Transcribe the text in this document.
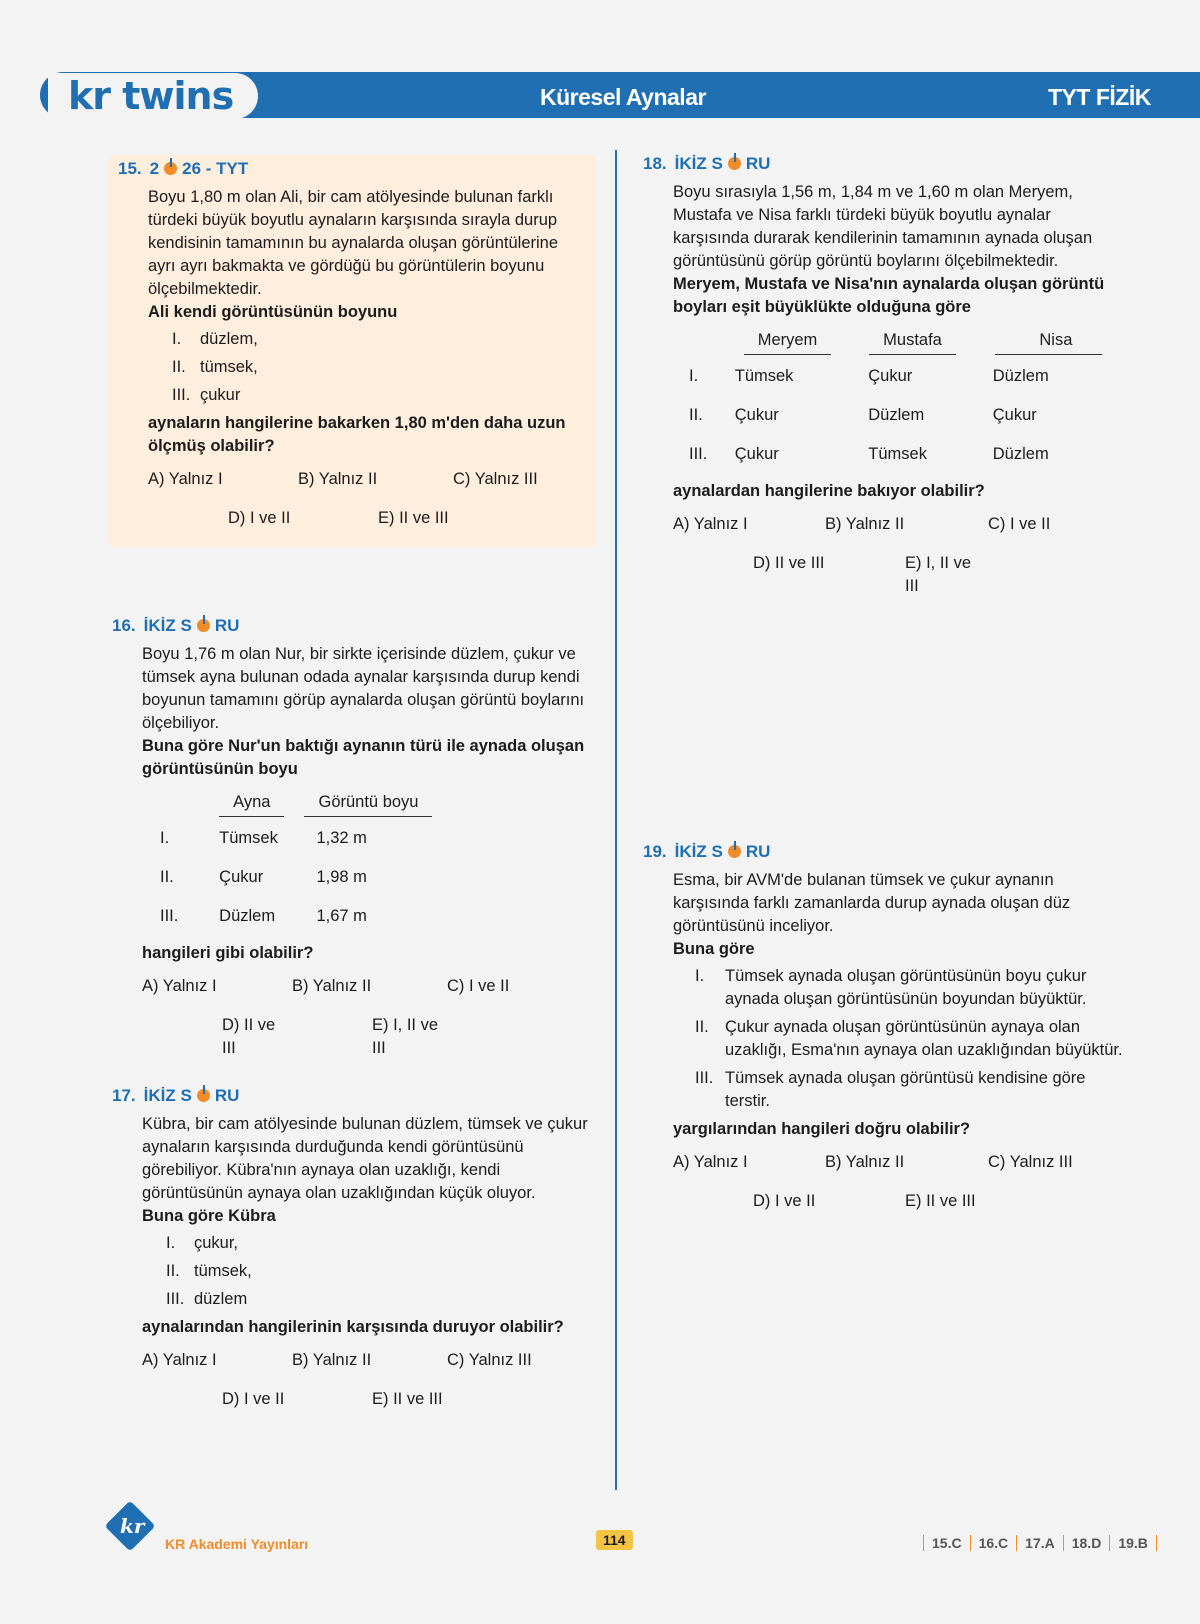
kr twins	Küresel Aynalar	TYT FİZİK
15. 2 26 - TYT

Boyu 1,80 m olan Ali, bir cam atölyesinde bulunan farklı türdeki büyük boyutlu aynaların karşısında sırayla durup kendisinin tamamının bu aynalarda oluşan görüntülerine ayrı ayrı bakmakta ve gördüğü bu görüntülerin boyunu ölçebilmektedir.

Ali kendi görüntüsünün boyunu

I.	düzlem,
II. tümsek,
III. çukur

aynaların hangilerine bakarken 1,80 m'den daha uzun ölçmüş olabilir?

A) Yalnız I	B) Yalnız II	C) Yalnız III
D) I ve II	E) II ve III
16. İKİZ S RU

Boyu 1,76 m olan Nur, bir sirkte içerisinde düzlem, çukur ve tümsek ayna bulunan odada aynalar karşısında durup kendi boyunun tamamını görüp aynalarda oluşan görüntü boylarını ölçebiliyor.

Buna göre Nur'un baktığı aynanın türü ile aynada oluşan görüntüsünün boyu

	Ayna	Görüntü boyu
I.	Tümsek	1,32 m
II.	Çukur	1,98 m
III.	Düzlem	1,67 m

hangileri gibi olabilir?

A) Yalnız I	B) Yalnız II	C) I ve II
D) II ve III
E) I, II ve III
17. İKİZ S RU

Kübra, bir cam atölyesinde bulunan düzlem, tümsek ve çukur aynaların karşısında durduğunda kendi görüntüsünü görebiliyor. Kübra'nın aynaya olan uzaklığı, kendi görüntüsünün aynaya olan uzaklığından küçük oluyor.

Buna göre Kübra

I.	çukur,
II. tümsek,
III. düzlem

aynalarından hangilerinin karşısında duruyor olabilir?

A) Yalnız I	B) Yalnız II	C) Yalnız III
D) I ve II	E) II ve III
18. İKİZ S RU

Boyu sırasıyla 1,56 m, 1,84 m ve 1,60 m olan Meryem, Mustafa ve Nisa farklı türdeki büyük boyutlu aynalar karşısında durarak kendilerinin tamamının aynada oluşan görüntüsünü görüp görüntü boylarını ölçebilmektedir.

Meryem, Mustafa ve Nisa'nın aynalarda oluşan görüntü boyları eşit büyüklükte olduğuna göre

	Meryem	Mustafa	Nisa
I.	Tümsek	Çukur	Düzlem
II.	Çukur	Düzlem	Çukur
III.	Çukur	Tümsek	Düzlem

aynalardan hangilerine bakıyor olabilir?

A) Yalnız I	B) Yalnız II	C) I ve II
D) II ve III	E) I, II ve III
19. İKİZ S RU

Esma, bir AVM'de bulanan tümsek ve çukur aynanın karşısında farklı zamanlarda durup aynada oluşan düz görüntüsünü inceliyor.

Buna göre

I.	Tümsek aynada oluşan görüntüsünün boyu çukur aynada oluşan görüntüsünün boyundan büyüktür.
II. Çukur aynada oluşan görüntüsünün aynaya olan uzaklığı, Esma'nın aynaya olan uzaklığından büyüktür.
III. Tümsek aynada oluşan görüntüsü kendisine göre terstir.

yargılarından hangileri doğru olabilir?

A) Yalnız I	B) Yalnız II	C) Yalnız III
D) I ve II	E) II ve III
kr
KR Akademi Yayınları	114	15.C	16.C	17.A	18.D	19.B
